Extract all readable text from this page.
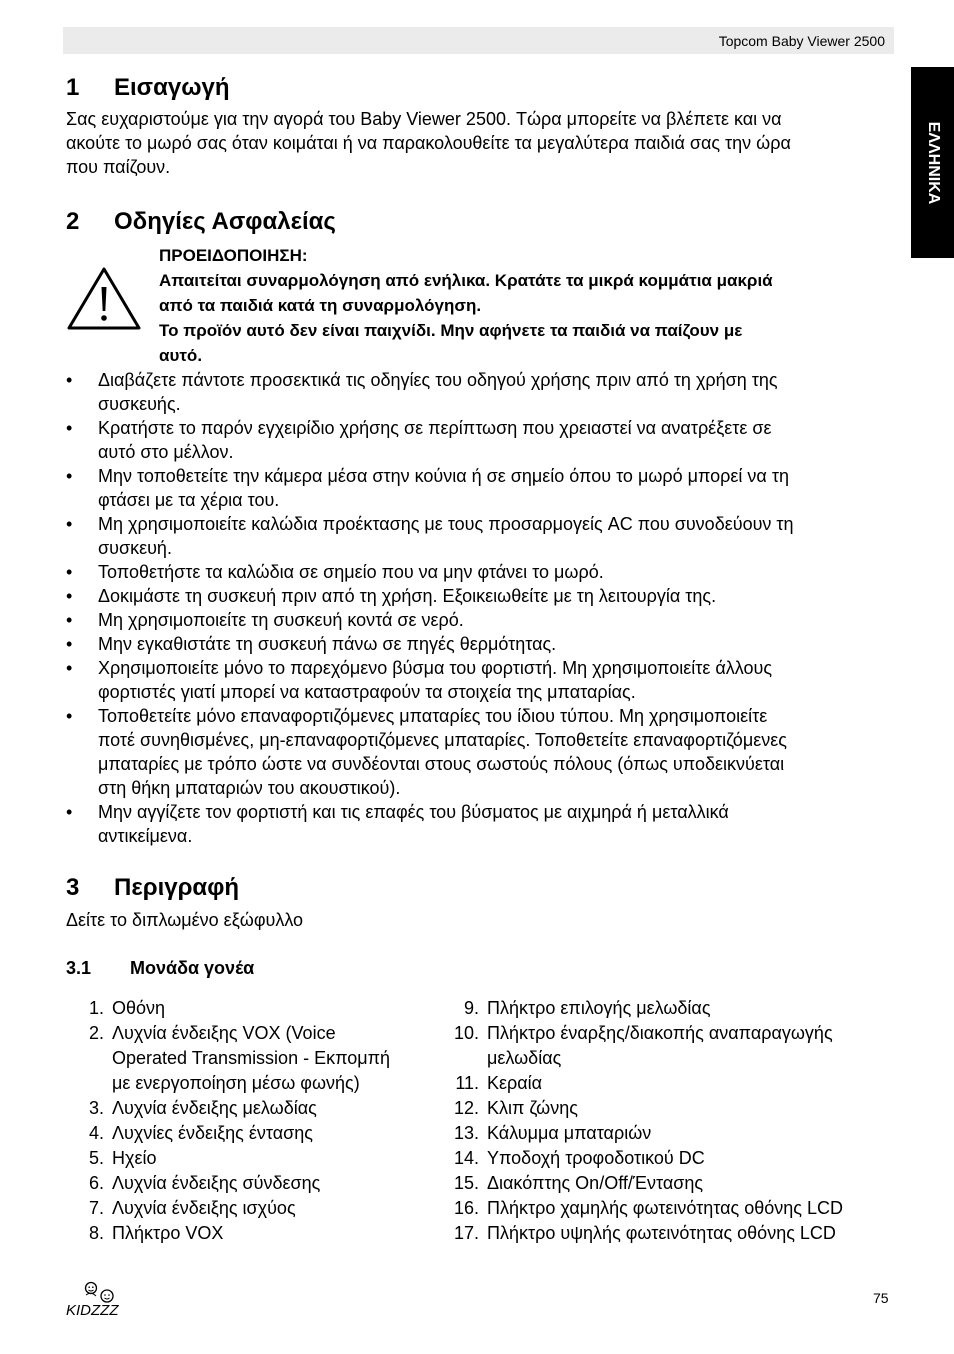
Topcom Baby Viewer 2500
ΕΛΛΗΝΙΚΑ
1 Εισαγωγή
Σας ευχαριστούμε για την αγορά του Baby Viewer 2500. Τώρα μπορείτε να βλέπετε και να
ακούτε το μωρό σας όταν κοιμάται ή να παρακολουθείτε τα μεγαλύτερα παιδιά σας την ώρα
που παίζουν.
2 Οδηγίες Ασφαλείας
ΠΡΟΕΙΔΟΠΟΙΗΣΗ:
Απαιτείται συναρμολόγηση από ενήλικα. Κρατάτε τα μικρά κομμάτια μακριά
από τα παιδιά κατά τη συναρμολόγηση.
Το προϊόν αυτό δεν είναι παιχνίδι. Μην αφήνετε τα παιδιά να παίζουν με
αυτό.
• Διαβάζετε πάντοτε προσεκτικά τις οδηγίες του οδηγού χρήσης πριν από τη χρήση της
συσκευής.
• Κρατήστε το παρόν εγχειρίδιο χρήσης σε περίπτωση που χρειαστεί να ανατρέξετε σε
αυτό στο μέλλον.
• Μην τοποθετείτε την κάμερα μέσα στην κούνια ή σε σημείο όπου το μωρό μπορεί να τη
φτάσει με τα χέρια του.
• Μη χρησιμοποιείτε καλώδια προέκτασης με τους προσαρμογείς AC που συνοδεύουν τη
συσκευή.
• Τοποθετήστε τα καλώδια σε σημείο που να μην φτάνει το μωρό.
• Δοκιμάστε τη συσκευή πριν από τη χρήση. Εξοικειωθείτε με τη λειτουργία της.
• Μη χρησιμοποιείτε τη συσκευή κοντά σε νερό.
• Μην εγκαθιστάτε τη συσκευή πάνω σε πηγές θερμότητας.
• Χρησιμοποιείτε μόνο το παρεχόμενο βύσμα του φορτιστή. Μη χρησιμοποιείτε άλλους
φορτιστές γιατί μπορεί να καταστραφούν τα στοιχεία της μπαταρίας.
• Τοποθετείτε μόνο επαναφορτιζόμενες μπαταρίες του ίδιου τύπου. Μη χρησιμοποιείτε
ποτέ συνηθισμένες, μη-επαναφορτιζόμενες μπαταρίες. Τοποθετείτε επαναφορτιζόμενες
μπαταρίες με τρόπο ώστε να συνδέονται στους σωστούς πόλους (όπως υποδεικνύεται
στη θήκη μπαταριών του ακουστικού).
• Μην αγγίζετε τον φορτιστή και τις επαφές του βύσματος με αιχμηρά ή μεταλλικά
αντικείμενα.
3 Περιγραφή
Δείτε το διπλωμένο εξώφυλλο
3.1 Μονάδα γονέα
1. Οθόνη
2. Λυχνία ένδειξης VOX (Voice
Operated Transmission - Εκπομπή
με ενεργοποίηση μέσω φωνής)
3. Λυχνία ένδειξης μελωδίας
4. Λυχνίες ένδειξης έντασης
5. Ηχείο
6. Λυχνία ένδειξης σύνδεσης
7. Λυχνία ένδειξης ισχύος
8. Πλήκτρο VOX
9. Πλήκτρο επιλογής μελωδίας
10. Πλήκτρο έναρξης/διακοπής αναπαραγωγής
μελωδίας
11. Κεραία
12. Κλιπ ζώνης
13. Κάλυμμα μπαταριών
14. Υποδοχή τροφοδοτικού DC
15. Διακόπτης On/Off/Έντασης
16. Πλήκτρο χαμηλής φωτεινότητας οθόνης LCD
17. Πλήκτρο υψηλής φωτεινότητας οθόνης LCD
KIDZZZ
75
